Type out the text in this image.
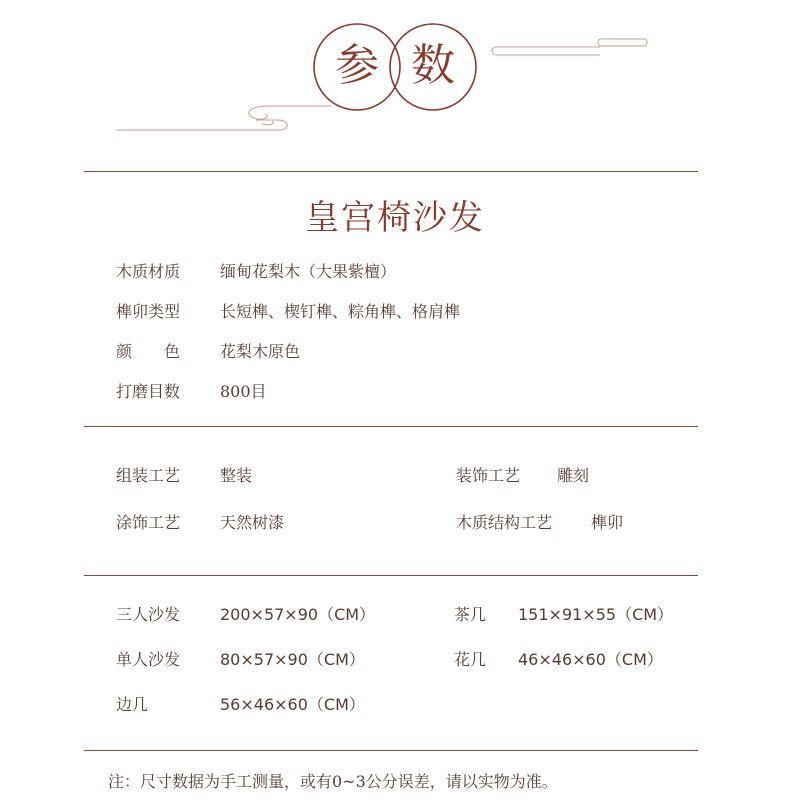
参 数
皇宫椅沙发
木质材质 缅甸花梨木（大果紫檀）
榫卯类型 长短榫、楔钉榫、粽角榫、格肩榫
颜　　色 花梨木原色
打磨目数 800目
组装工艺 整装	装饰工艺 雕刻
涂饰工艺 天然树漆	木质结构工艺 榫卯
三人沙发 200×57×90（CM）	茶几 151×91×55（CM）
单人沙发 80×57×90（CM）	花几 46×46×60（CM）
边几	56×46×60（CM）
注：尺寸数据为手工测量，或有0~3公分误差，请以实物为准。
